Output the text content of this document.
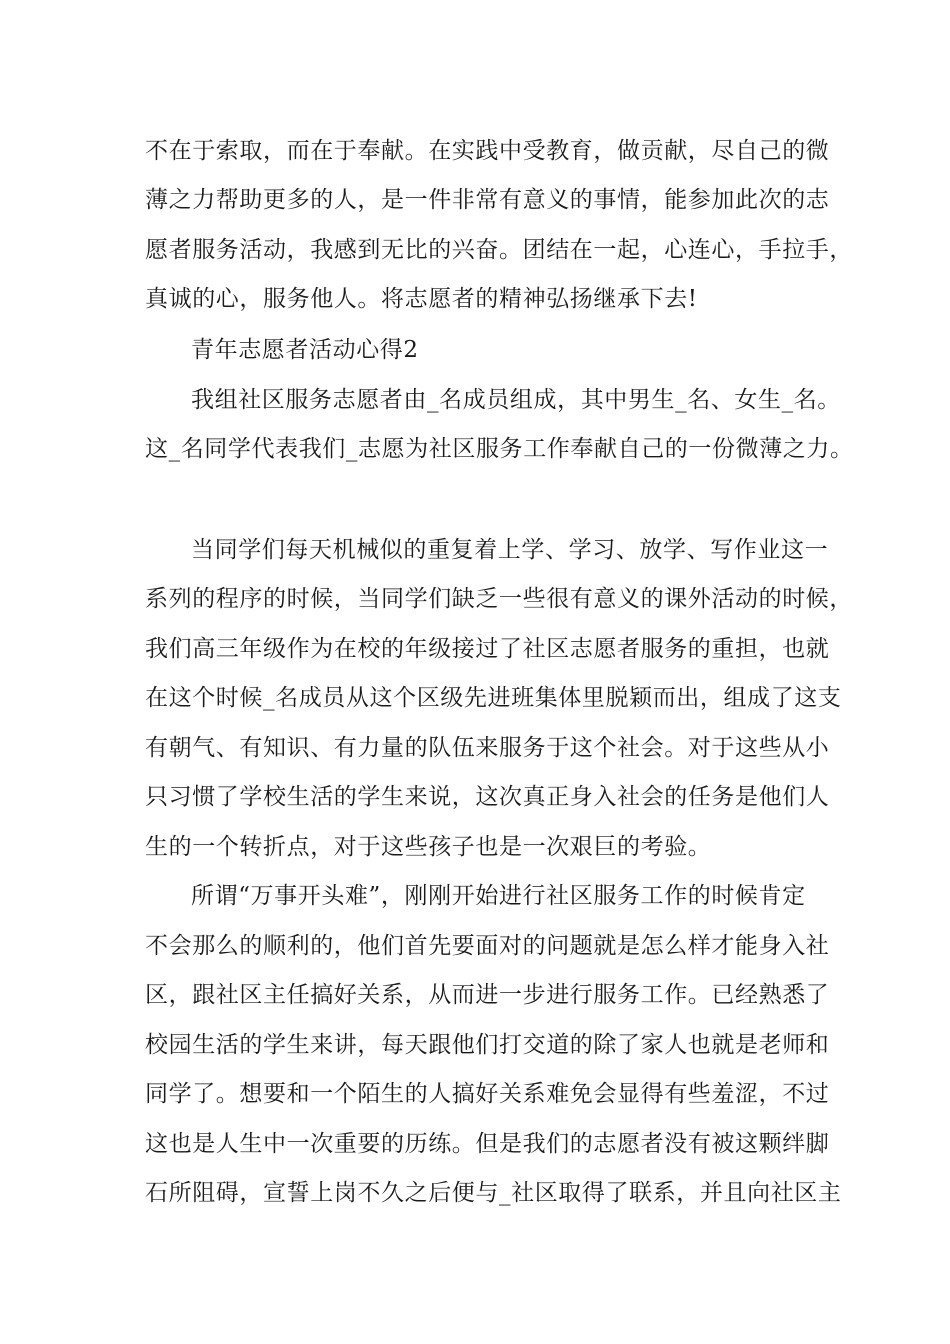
不在于索取，而在于奉献。在实践中受教育，做贡献，尽自己的微
薄之力帮助更多的人，是一件非常有意义的事情，能参加此次的志
愿者服务活动，我感到无比的兴奋。团结在一起，心连心，手拉手，
真诚的心，服务他人。将志愿者的精神弘扬继承下去!
青年志愿者活动心得2
我组社区服务志愿者由_名成员组成，其中男生_名、女生_名。
这_名同学代表我们_志愿为社区服务工作奉献自己的一份微薄之力。
当同学们每天机械似的重复着上学、学习、放学、写作业这一
系列的程序的时候，当同学们缺乏一些很有意义的课外活动的时候，
我们高三年级作为在校的年级接过了社区志愿者服务的重担，也就
在这个时候_名成员从这个区级先进班集体里脱颖而出，组成了这支
有朝气、有知识、有力量的队伍来服务于这个社会。对于这些从小
只习惯了学校生活的学生来说，这次真正身入社会的任务是他们人
生的一个转折点，对于这些孩子也是一次艰巨的考验。
所谓“万事开头难”，刚刚开始进行社区服务工作的时候肯定
不会那么的顺利的，他们首先要面对的问题就是怎么样才能身入社
区，跟社区主任搞好关系，从而进一步进行服务工作。已经熟悉了
校园生活的学生来讲，每天跟他们打交道的除了家人也就是老师和
同学了。想要和一个陌生的人搞好关系难免会显得有些羞涩，不过
这也是人生中一次重要的历练。但是我们的志愿者没有被这颗绊脚
石所阻碍，宣誓上岗不久之后便与_社区取得了联系，并且向社区主
